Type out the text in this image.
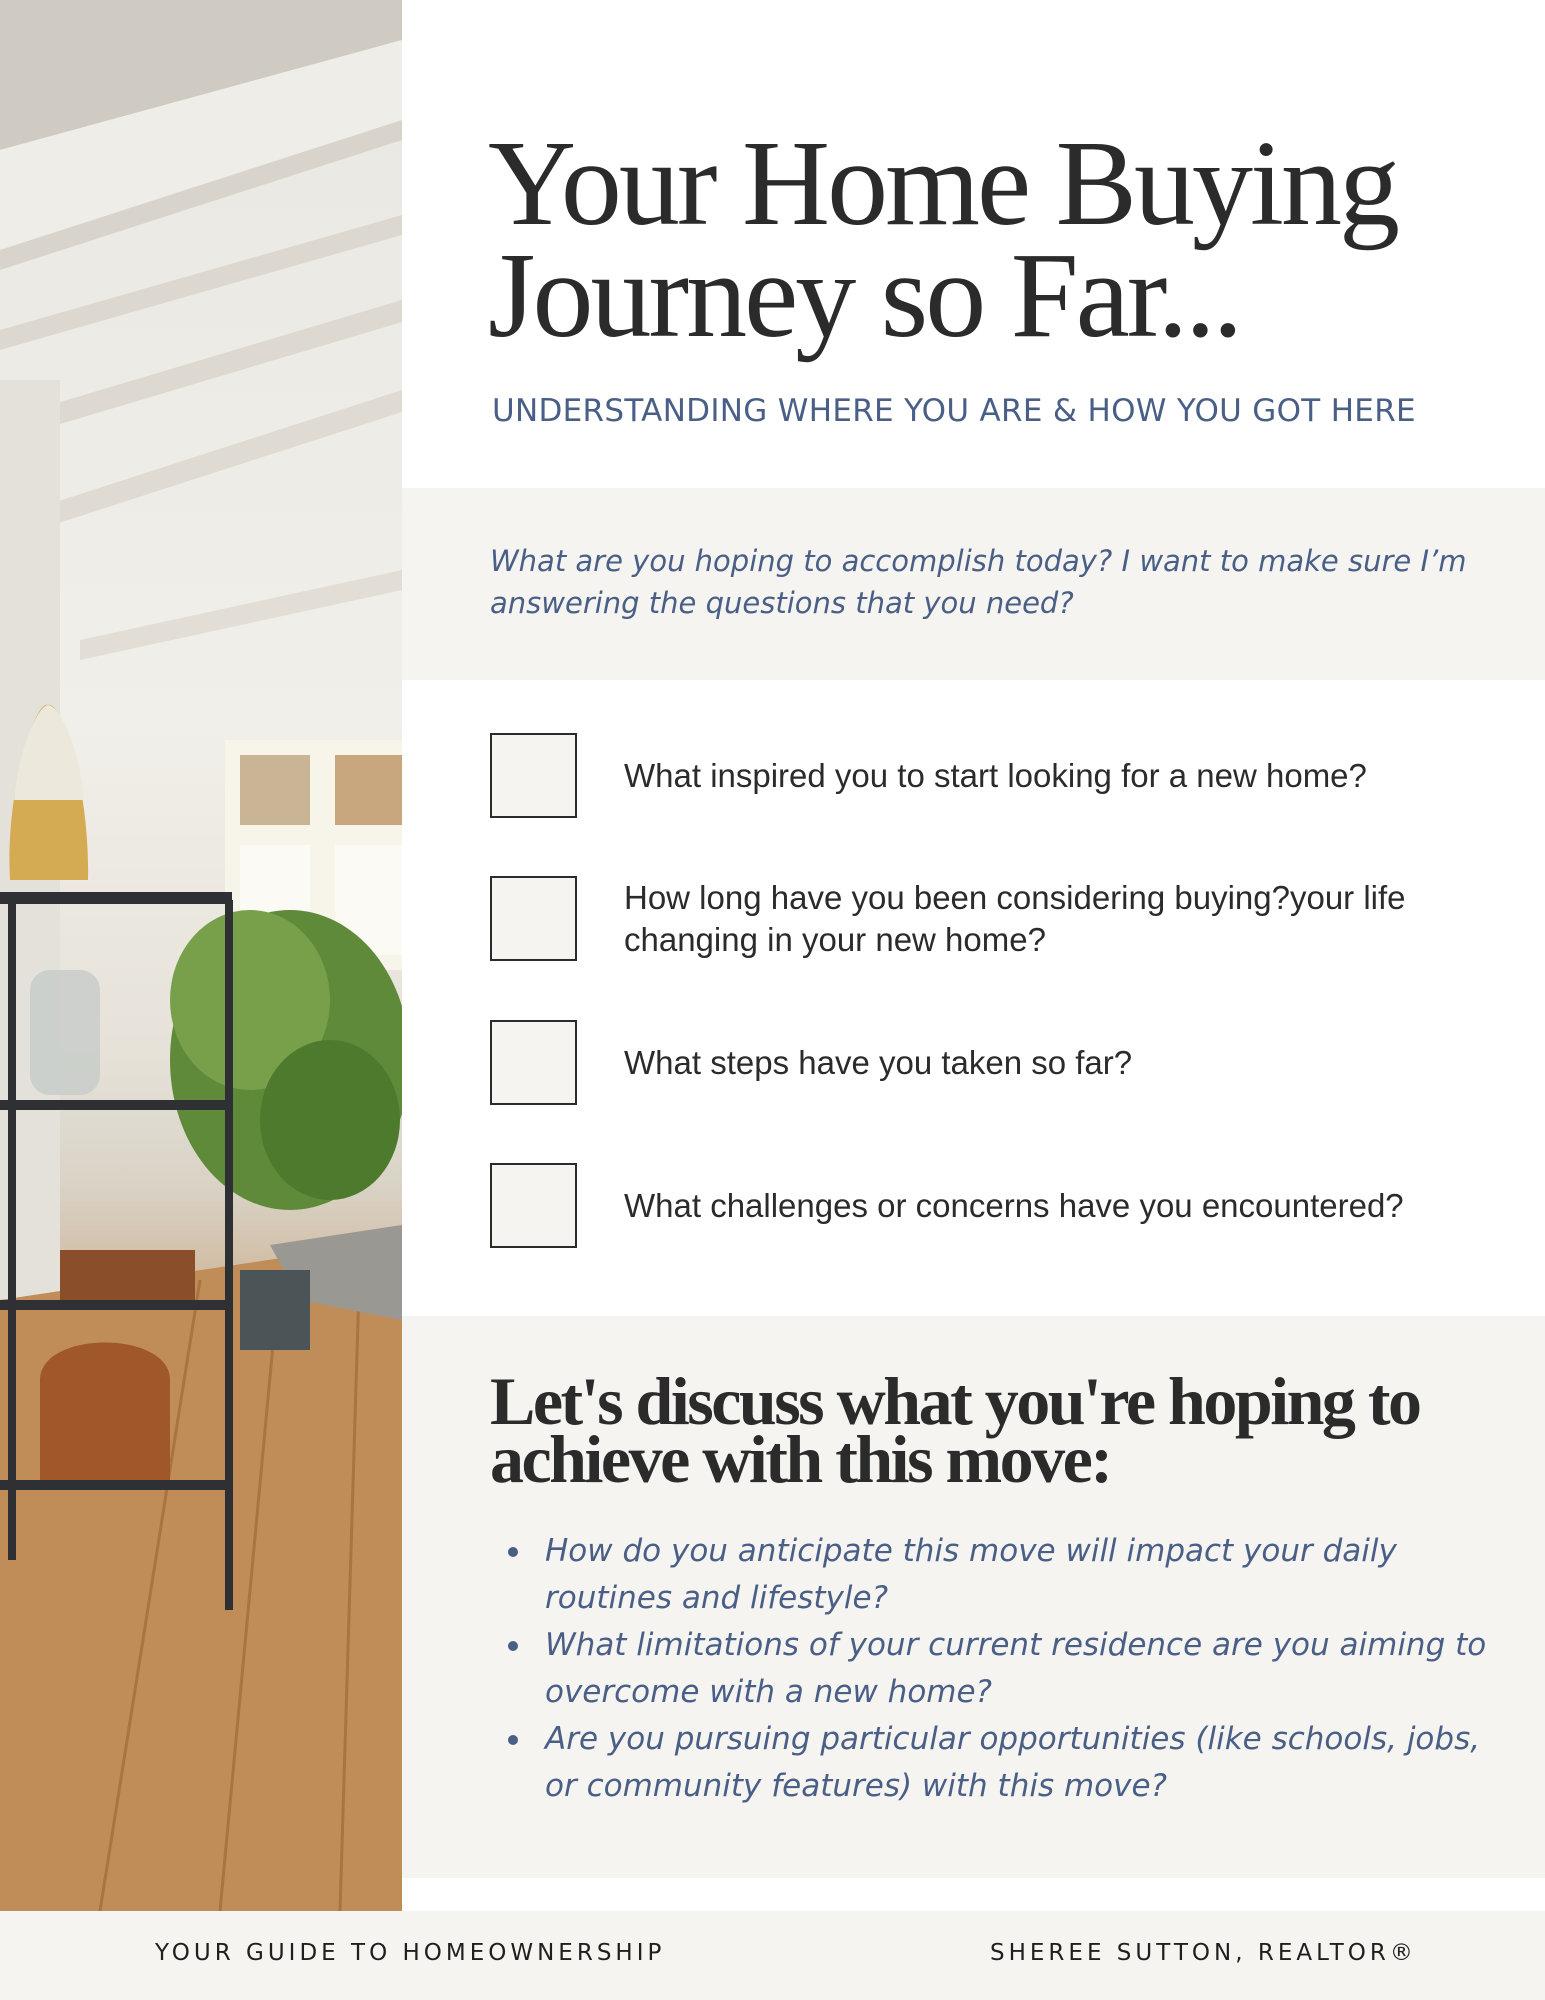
Your Home Buying
Journey so Far...
UNDERSTANDING WHERE YOU ARE & HOW YOU GOT HERE

What are you hoping to accomplish today? I want to make sure I’m answering the questions that you need?

What inspired you to start looking for a new home?
How long have you been considering buying?your life changing in your new home?
What steps have you taken so far?
What challenges or concerns have you encountered?
Let's discuss what you're hoping to achieve with this move:
How do you anticipate this move will impact your daily routines and lifestyle?
What limitations of your current residence are you aiming to overcome with a new home?
Are you pursuing particular opportunities (like schools, jobs, or community features) with this move?
YOUR GUIDE TO HOMEOWNERSHIP	SHEREE SUTTON, REALTOR®
